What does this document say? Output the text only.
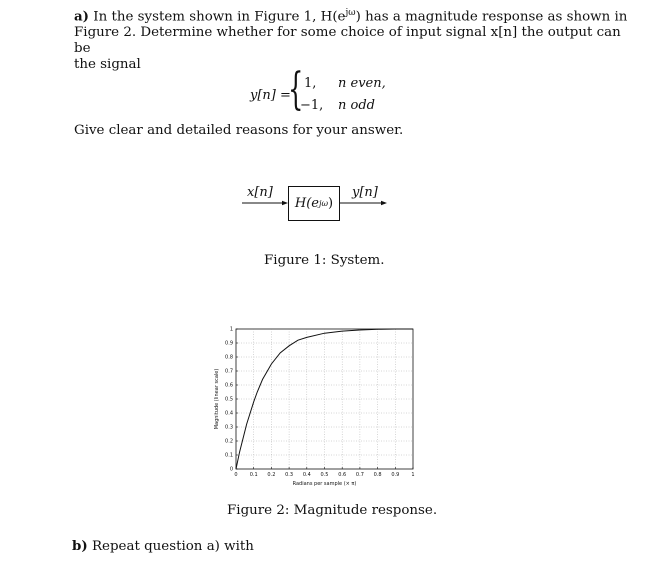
a) In the system shown in Figure 1, $H(e^{j\omega})$ has a magnitude response as shown in
Figure 2. Determine whether for some choice of input signal x[n] the output can be
the signal
y[n] =
{ 1, n even,
−1, n odd
Give clear and detailed reasons for your answer.
x[n]
H(e jω )
y[n]
Figure 1: System.
0 0.1 0.2 0.3 0.4 0.5 0.6 0.7 0.8 0.9 1
0
0.1
0.2
0.3
0.4
0.5
0.6
0.7
0.8
0.9
1
Radians per sample (× π)
Magnitude (linear scale)
Figure 2: Magnitude response.
b) Repeat question a) with
